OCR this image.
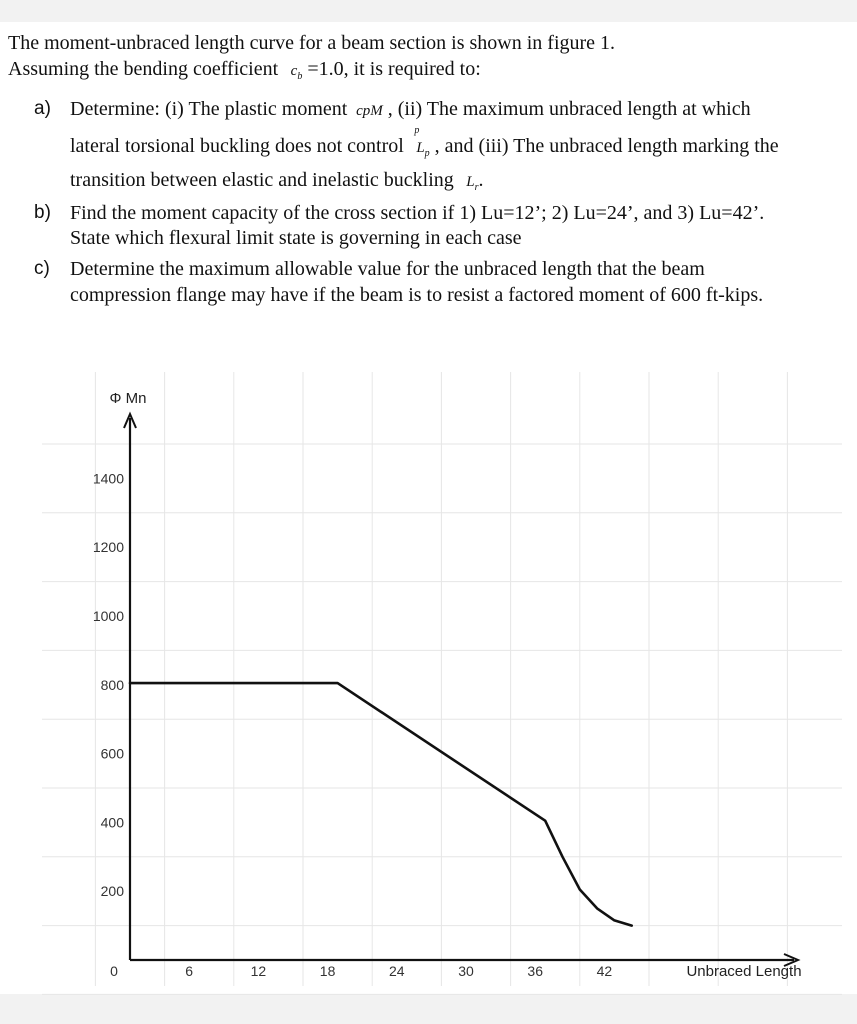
The moment-unbraced length curve for a beam section is shown in figure 1.
Assuming the bending coefficient $c_b =1.0$, it is required to:
a) Determine: (i) The plastic moment cpM
p
, (ii) The maximum unbraced length at which
lateral torsional buckling does not control $L_p$ , and (iii) The unbraced length marking the
transition between elastic and inelastic buckling $L_r$.
b) Find the moment capacity of the cross section if 1) Lu=12’; 2) Lu=24’, and 3) Lu=42’.
State which flexural limit state is governing in each case
c) Determine the maximum allowable value for the unbraced length that the beam
compression flange may have if the beam is to resist a factored moment of 600 ft-kips.
200
400
600
800
1000
1200
1400
0	6	12	18	24	30	36	42
Φ Mn
Unbraced Length
